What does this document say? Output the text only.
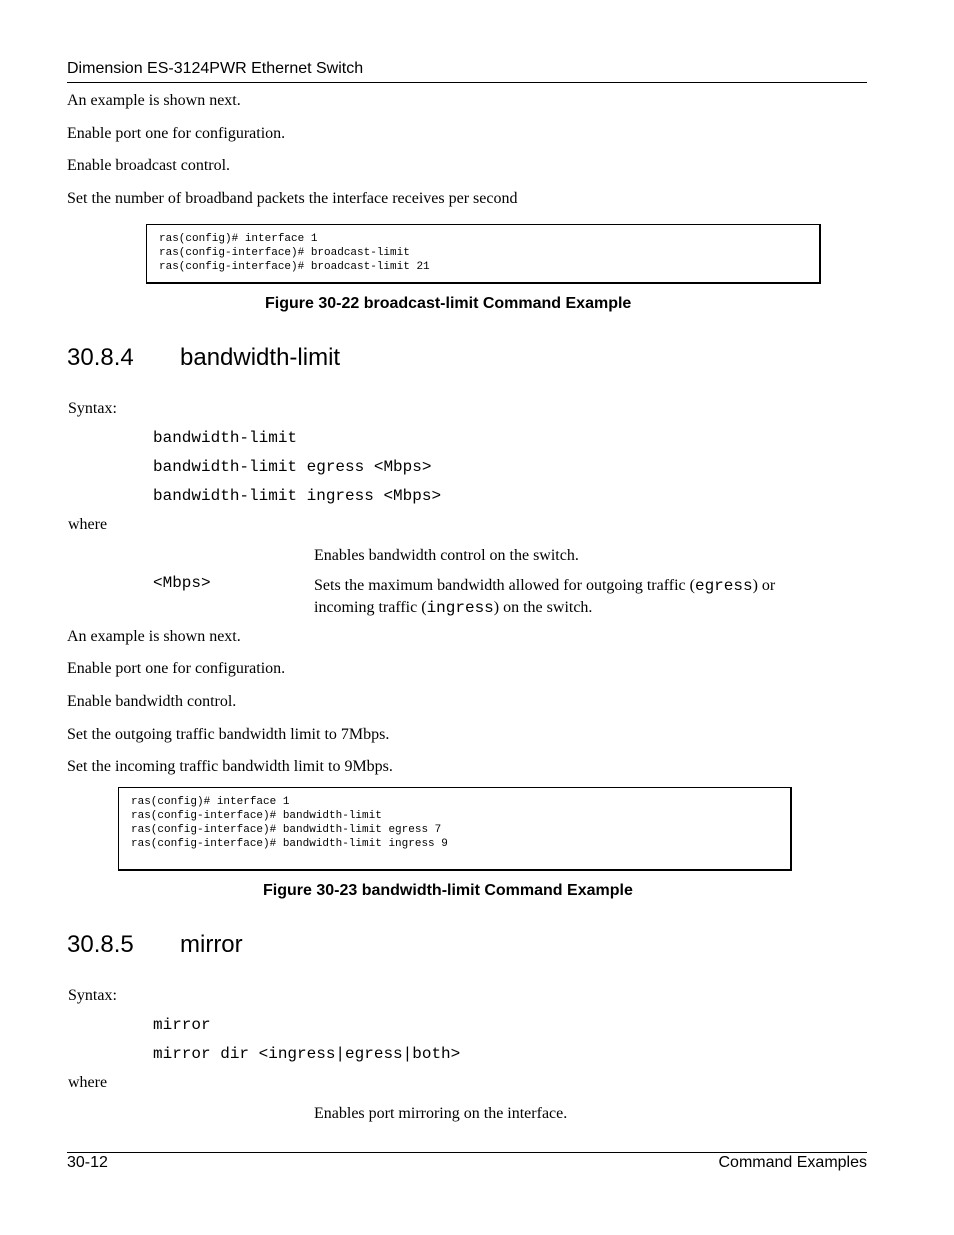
Dimension ES-3124PWR Ethernet Switch
An example is shown next.
Enable port one for configuration.
Enable broadcast control.
Set the number of broadband packets the interface receives per second
ras(config)# interface 1
ras(config-interface)# broadcast-limit
ras(config-interface)# broadcast-limit 21
Figure 30-22 broadcast-limit Command Example
30.8.4 bandwidth-limit
Syntax:
bandwidth-limit
bandwidth-limit egress <Mbps>
bandwidth-limit ingress <Mbps>
where
Enables bandwidth control on the switch.
<Mbps>	Sets the maximum bandwidth allowed for outgoing traffic (egress) or incoming traffic (ingress) on the switch.
An example is shown next.
Enable port one for configuration.
Enable bandwidth control.
Set the outgoing traffic bandwidth limit to 7Mbps.
Set the incoming traffic bandwidth limit to 9Mbps.
ras(config)# interface 1
ras(config-interface)# bandwidth-limit
ras(config-interface)# bandwidth-limit egress 7
ras(config-interface)# bandwidth-limit ingress 9
Figure 30-23 bandwidth-limit Command Example
30.8.5 mirror
Syntax:
mirror
mirror dir <ingress|egress|both>
where
Enables port mirroring on the interface.
30-12	Command Examples
